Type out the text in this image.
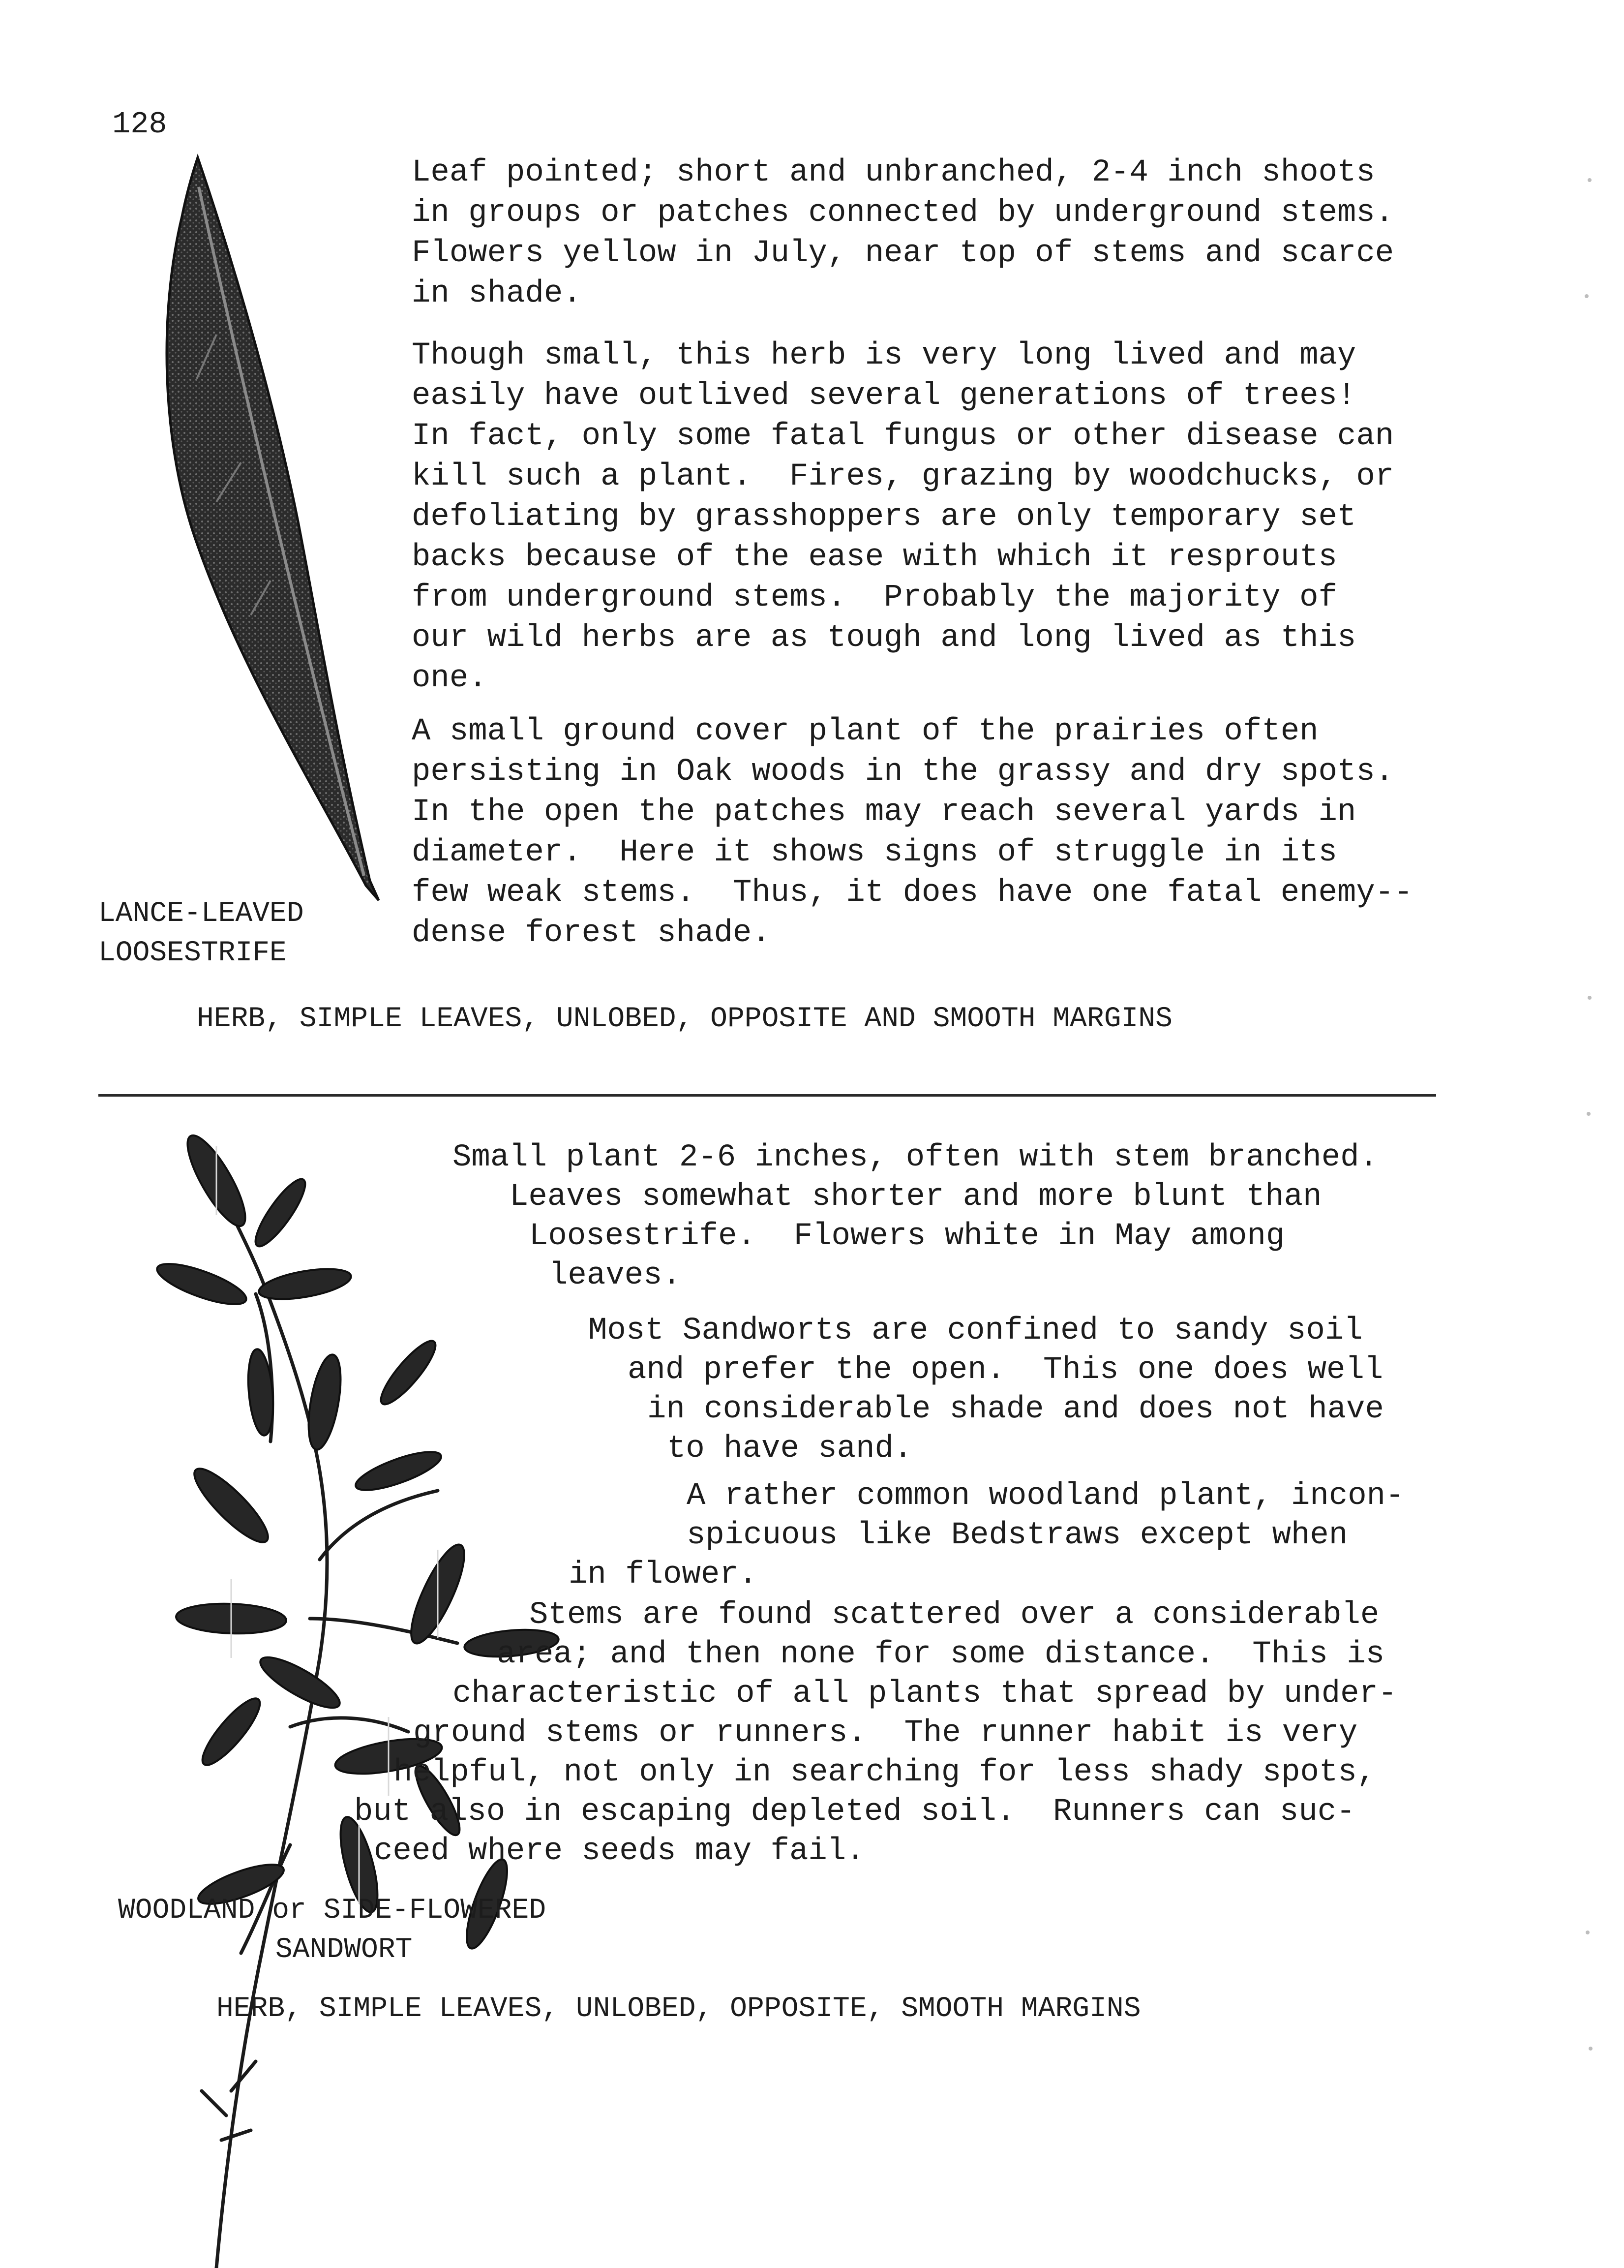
128
Leaf pointed; short and unbranched, 2-4 inch shoots
in groups or patches connected by underground stems.
Flowers yellow in July, near top of stems and scarce
in shade.
Though small, this herb is very long lived and may
easily have outlived several generations of trees!
In fact, only some fatal fungus or other disease can
kill such a plant.  Fires, grazing by woodchucks, or
defoliating by grasshoppers are only temporary set
backs because of the ease with which it resprouts
from underground stems.  Probably the majority of
our wild herbs are as tough and long lived as this
one.
A small ground cover plant of the prairies often
persisting in Oak woods in the grassy and dry spots.
In the open the patches may reach several yards in
diameter.  Here it shows signs of struggle in its
few weak stems.  Thus, it does have one fatal enemy--
dense forest shade.
LANCE-LEAVED
LOOSESTRIFE
HERB, SIMPLE LEAVES, UNLOBED, OPPOSITE AND SMOOTH MARGINS
Small plant 2-6 inches, often with stem branched.
Leaves somewhat shorter and more blunt than
Loosestrife.  Flowers white in May among
leaves.
Most Sandworts are confined to sandy soil
and prefer the open.  This one does well
in considerable shade and does not have
to have sand.
A rather common woodland plant, incon-
spicuous like Bedstraws except when
in flower.
Stems are found scattered over a considerable
area; and then none for some distance.  This is
characteristic of all plants that spread by under-
ground stems or runners.  The runner habit is very
helpful, not only in searching for less shady spots,
but also in escaping depleted soil.  Runners can suc-
ceed where seeds may fail.
WOODLAND or SIDE-FLOWERED
SANDWORT
HERB, SIMPLE LEAVES, UNLOBED, OPPOSITE, SMOOTH MARGINS
